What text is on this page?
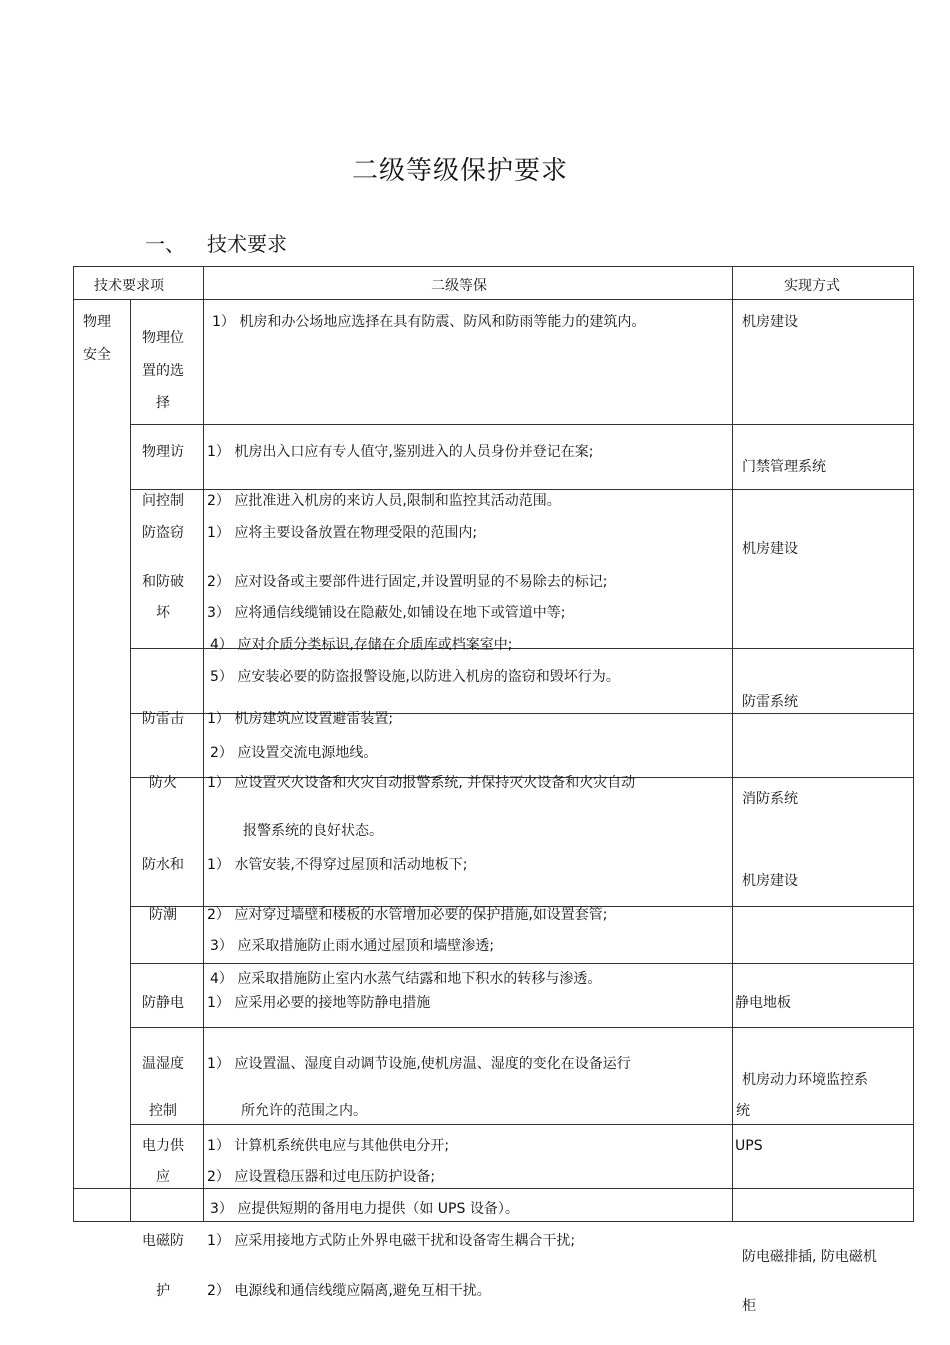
二级等级保护要求
一、 技术要求
技术要求项	二级等保	实现方式
物理
安全
物理位
置的选
择
物理访
问控制
防盗窃
和防破
坏
防雷击
防火
防水和
防潮
防静电
温湿度
控制
电力供
应
电磁防
护
1） 机房和办公场地应选择在具有防震、防风和防雨等能力的建筑内。
1） 机房出入口应有专人值守,鉴别进入的人员身份并登记在案;
2） 应批准进入机房的来访人员,限制和监控其活动范围。
1） 应将主要设备放置在物理受限的范围内;
2） 应对设备或主要部件进行固定,并设置明显的不易除去的标记;
3） 应将通信线缆铺设在隐蔽处,如铺设在地下或管道中等;
4） 应对介质分类标识,存储在介质库或档案室中;
5） 应安装必要的防盗报警设施,以防进入机房的盗窃和毁坏行为。
1） 机房建筑应设置避雷装置;
2） 应设置交流电源地线。
1） 应设置灭火设备和火灾自动报警系统, 并保持灭火设备和火灾自动
报警系统的良好状态。
1） 水管安装,不得穿过屋顶和活动地板下;
2） 应对穿过墙壁和楼板的水管增加必要的保护措施,如设置套管;
3） 应采取措施防止雨水通过屋顶和墙壁渗透;
4） 应采取措施防止室内水蒸气结露和地下积水的转移与渗透。
1） 应采用必要的接地等防静电措施
1） 应设置温、湿度自动调节设施,使机房温、湿度的变化在设备运行
所允许的范围之内。
1） 计算机系统供电应与其他供电分开;
2） 应设置稳压器和过电压防护设备;
3） 应提供短期的备用电力提供（如 UPS 设备）。
1） 应采用接地方式防止外界电磁干扰和设备寄生耦合干扰;
2） 电源线和通信线缆应隔离,避免互相干扰。
机房建设
门禁管理系统
机房建设
防雷系统
消防系统
机房建设
静电地板
机房动力环境监控系
统
UPS
防电磁排插, 防电磁机
柜
